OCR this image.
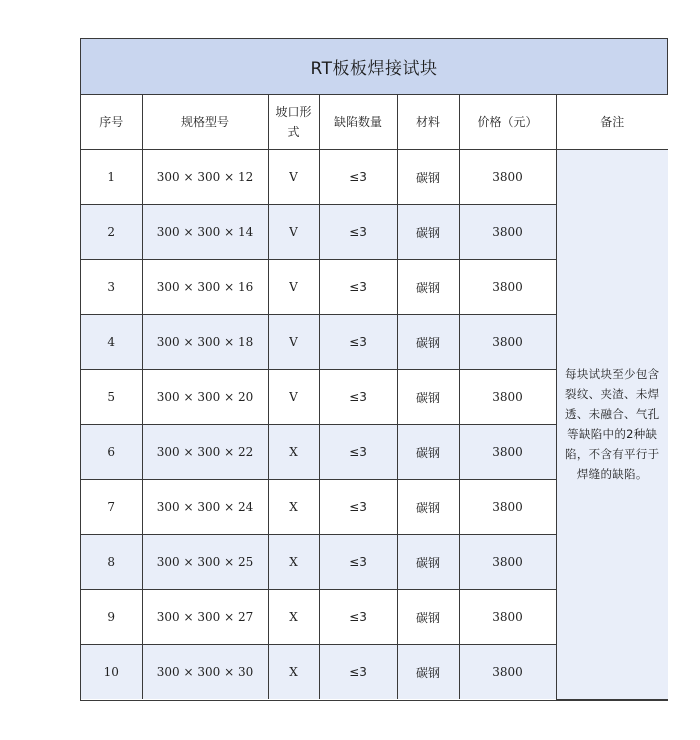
RT板板焊接试块
序号	规格型号	坡口形式	缺陷数量	材料	价格（元）	备注
1	300 × 300 × 12	V	≤3	碳钢	3800	每块试块至少包含裂纹、夹渣、未焊透、未融合、气孔等缺陷中的2种缺陷，不含有平行于焊缝的缺陷。
2	300 × 300 × 14	V	≤3	碳钢	3800	
3	300 × 300 × 16	V	≤3	碳钢	3800	
4	300 × 300 × 18	V	≤3	碳钢	3800	
5	300 × 300 × 20	V	≤3	碳钢	3800	
6	300 × 300 × 22	X	≤3	碳钢	3800	
7	300 × 300 × 24	X	≤3	碳钢	3800	
8	300 × 300 × 25	X	≤3	碳钢	3800	
9	300 × 300 × 27	X	≤3	碳钢	3800	
10	300 × 300 × 30	X	≤3	碳钢	3800	
